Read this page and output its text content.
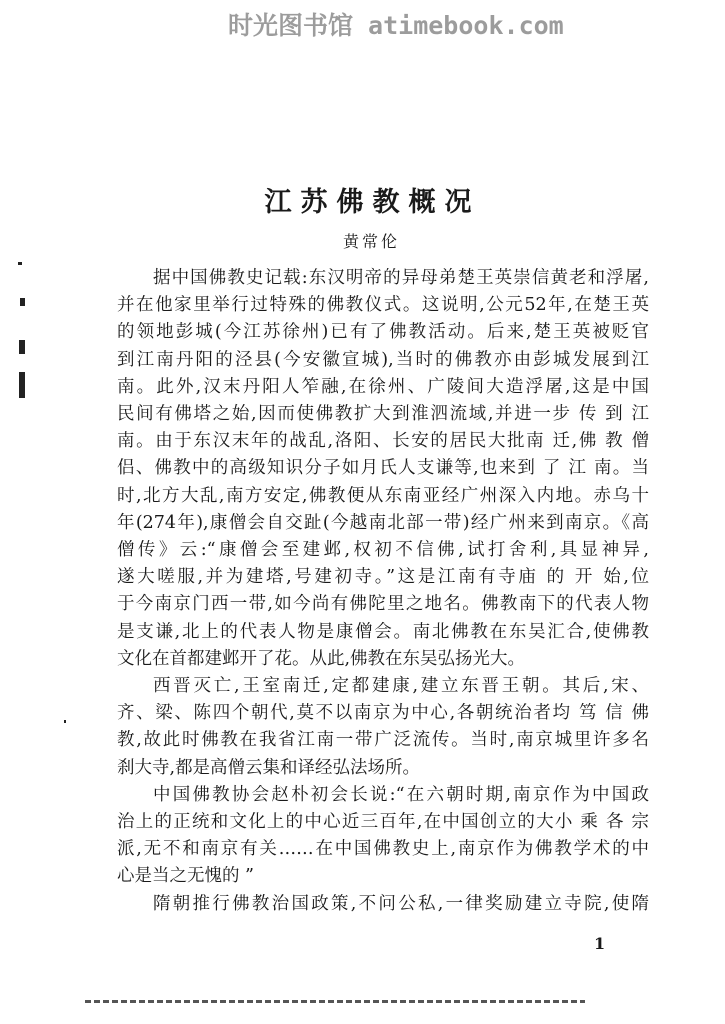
时光图书馆 atimebook.com
江苏佛教概况
黄常伦
据中国佛教史记载:东汉明帝的异母弟楚王英崇信黄老和浮屠,
并在他家里举行过特殊的佛教仪式。这说明,公元52年,在楚王英
的领地彭城(今江苏徐州)已有了佛教活动。后来,楚王英被贬官
到江南丹阳的泾县(今安徽宣城),当时的佛教亦由彭城发展到江
南。此外,汉末丹阳人笮融,在徐州、广陵间大造浮屠,这是中国
民间有佛塔之始,因而使佛教扩大到淮泗流域,并进一步 传 到 江
南。由于东汉末年的战乱,洛阳、长安的居民大批南 迁,佛 教 僧
侣、佛教中的高级知识分子如月氏人支谦等,也来到 了 江 南。当
时,北方大乱,南方安定,佛教便从东南亚经广州深入内地。赤乌十
年(274年),康僧会自交趾(今越南北部一带)经广州来到南京。《高
僧传》云:“康僧会至建邺,权初不信佛,试打舍利,具显神异,
遂大嗟服,并为建塔,号建初寺。”这是江南有寺庙 的 开 始,位
于今南京门西一带,如今尚有佛陀里之地名。佛教南下的代表人物
是支谦,北上的代表人物是康僧会。南北佛教在东吴汇合,使佛教
文化在首都建邺开了花。从此,佛教在东吴弘扬光大。
西晋灭亡,王室南迁,定都建康,建立东晋王朝。其后,宋、
齐、梁、陈四个朝代,莫不以南京为中心,各朝统治者均 笃 信 佛
教,故此时佛教在我省江南一带广泛流传。当时,南京城里许多名
刹大寺,都是高僧云集和译经弘法场所。
中国佛教协会赵朴初会长说:“在六朝时期,南京作为中国政
治上的正统和文化上的中心近三百年,在中国创立的大小 乘 各 宗
派,无不和南京有关……在中国佛教史上,南京作为佛教学术的中
心是当之无愧的 ”
隋朝推行佛教治国政策,不问公私,一律奖励建立寺院,使隋
1
